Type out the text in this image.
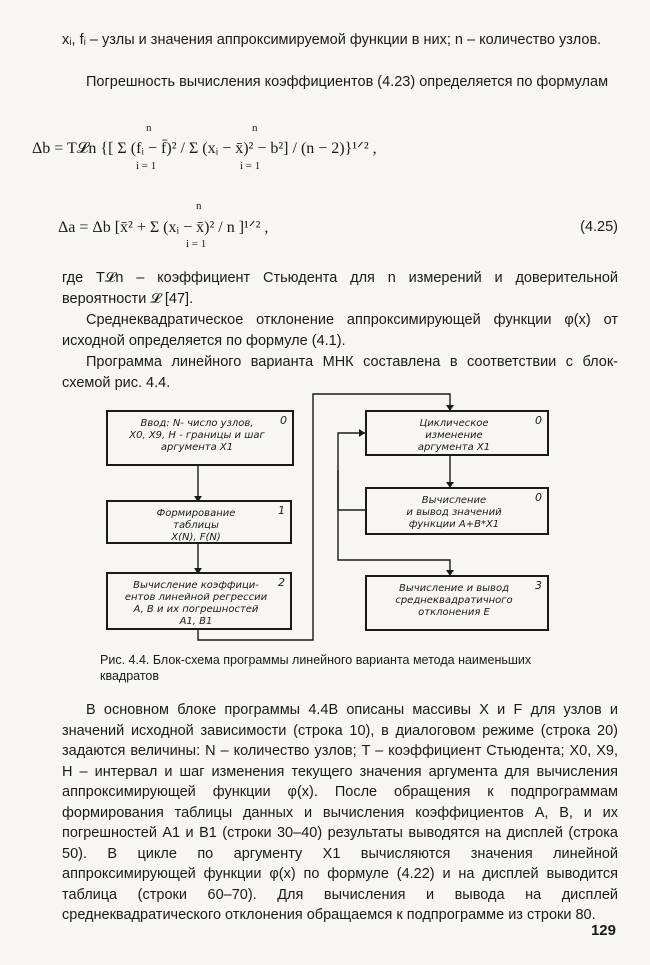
xᵢ, fᵢ – узлы и значения аппроксимируемой функции в них; n – количество узлов.

Погрешность вычисления коэффициентов (4.23) определяется по формулам

Δb = T𝓛n {[ Σ (fᵢ − f̄)² / Σ (xᵢ − x̄)² − b²] / (n − 2)}¹ᐟ² ,
n
i = 1
n
i = 1
Δa = Δb [x̄² + Σ (xᵢ − x̄)² / n ]¹ᐟ² ,
n
i = 1
(4.25)

где T𝓛n – коэффициент Стьюдента для n измерений и доверительной вероятности 𝓛 [47].

Среднеквадратическое отклонение аппроксимирующей функции φ(x) от исходной определяется по формуле (4.1).

Программа линейного варианта МНК составлена в соответствии с блок-схемой рис. 4.4.

Ввод: N- число узлов,
X0, X9, H - границы и шаг
аргумента X1
0
Формирование
таблицы
X(N), F(N)
1
Вычисление коэффици-
ентов линейной регрессии
A, B и их погрешностей
A1, B1
2
Циклическое
изменение
аргумента X1
0
Вычисление
и вывод значений
функции A+B*X1
0
Вычисление и вывод
среднеквадратичного
отклонения E
3
Рис. 4.4. Блок-схема программы линейного варианта метода наименьших квадратов

В основном блоке программы 4.4В описаны массивы X и F для узлов и значений исходной зависимости (строка 10), в диалоговом режиме (строка 20) задаются величины: N – количество узлов; T – коэффициент Стьюдента; X0, X9, H – интервал и шаг изменения текущего значения аргумента для вычисления аппроксимирующей функции φ(x). После обращения к подпрограммам формирования таблицы данных и вычисления коэффициентов A, B, и их погрешностей A1 и B1 (строки 30–40) результаты выводятся на дисплей (строка 50). В цикле по аргументу X1 вычисляются значения линейной аппроксимирующей функции φ(x) по формуле (4.22) и на дисплей выводится таблица (строки 60–70). Для вычисления и вывода на дисплей среднеквадратического отклонения обращаемся к подпрограмме из строки 80.

129
